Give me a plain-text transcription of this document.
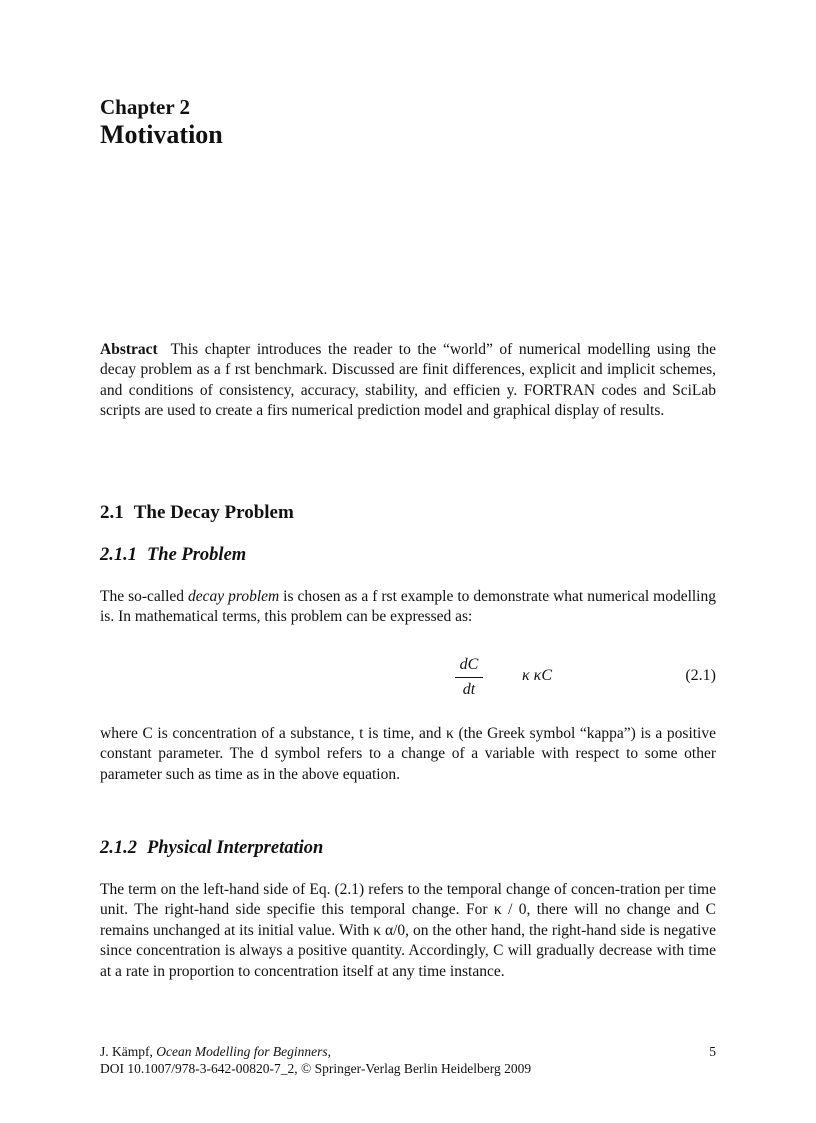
Chapter 2
Motivation
Abstract This chapter introduces the reader to the “world” of numerical modelling using the decay problem as a f rst benchmark. Discussed are finit differences, explicit and implicit schemes, and conditions of consistency, accuracy, stability, and efficien y. FORTRAN codes and SciLab scripts are used to create a firs numerical prediction model and graphical display of results.
2.1 The Decay Problem
2.1.1 The Problem
The so-called decay problem is chosen as a f rst example to demonstrate what numerical modelling is. In mathematical terms, this problem can be expressed as:
dC
dt
κ κC	(2.1)
where C is concentration of a substance, t is time, and κ (the Greek symbol “kappa”) is a positive constant parameter. The d symbol refers to a change of a variable with respect to some other parameter such as time as in the above equation.
2.1.2 Physical Interpretation
The term on the left-hand side of Eq. (2.1) refers to the temporal change of concen-tration per time unit. The right-hand side specifie this temporal change. For κ / 0, there will no change and C remains unchanged at its initial value. With κ α/0, on the other hand, the right-hand side is negative since concentration is always a positive quantity. Accordingly, C will gradually decrease with time at a rate in proportion to concentration itself at any time instance.
J. Kämpf, Ocean Modelling for Beginners,	5
DOI 10.1007/978-3-642-00820-7_2, © Springer-Verlag Berlin Heidelberg 2009
